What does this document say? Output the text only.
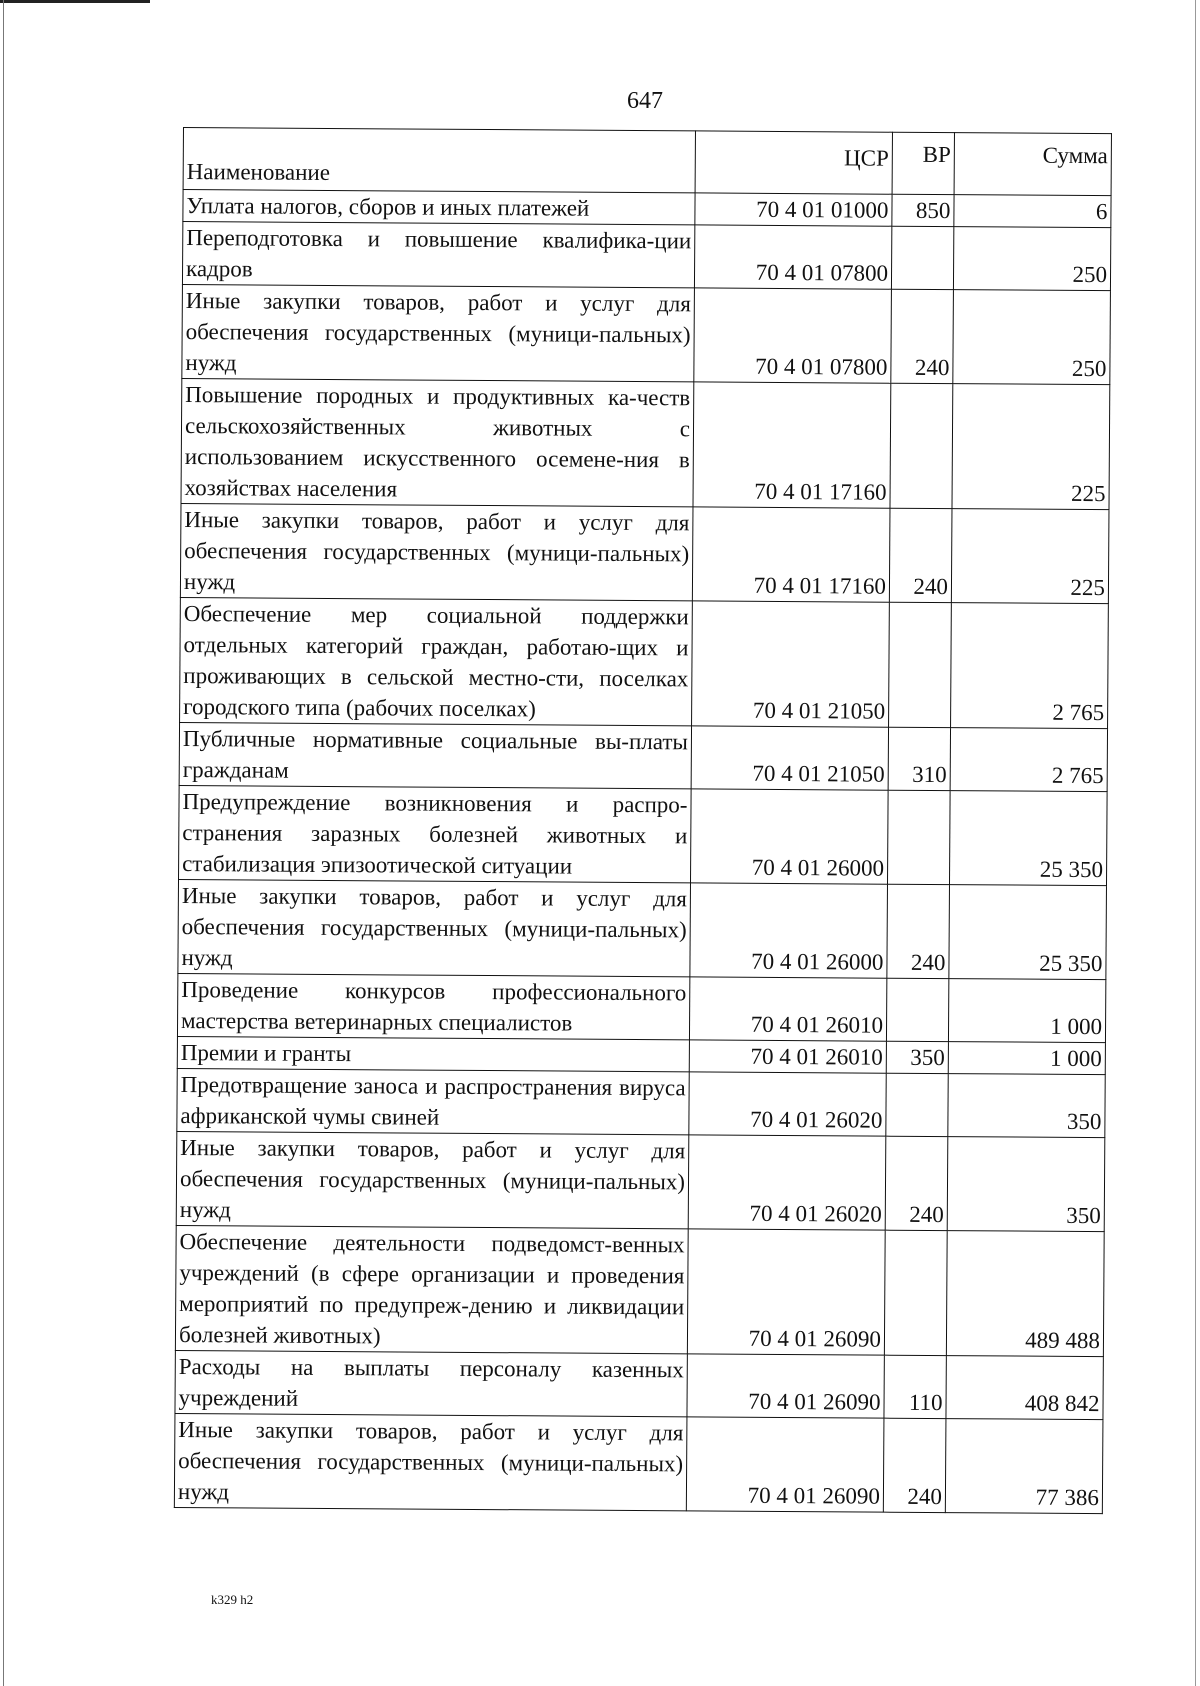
647
Наименование	ЦСР	ВР	Сумма
Уплата налогов, сборов и иных платежей	70 4 01 01000	850	6
Переподготовка и повышение квалифика-ции кадров	70 4 01 07800		250
Иные закупки товаров, работ и услуг для обеспечения государственных (муници-пальных) нужд	70 4 01 07800	240	250
Повышение породных и продуктивных ка-честв сельскохозяйственных животных с использованием искусственного осемене-ния в хозяйствах населения	70 4 01 17160		225
Иные закупки товаров, работ и услуг для обеспечения государственных (муници-пальных) нужд	70 4 01 17160	240	225
Обеспечение мер социальной поддержки отдельных категорий граждан, работаю-щих и проживающих в сельской местно-сти, поселках городского типа (рабочих поселках)	70 4 01 21050		2 765
Публичные нормативные социальные вы-платы гражданам	70 4 01 21050	310	2 765
Предупреждение возникновения и распро-странения заразных болезней животных и стабилизация эпизоотической ситуации	70 4 01 26000		25 350
Иные закупки товаров, работ и услуг для обеспечения государственных (муници-пальных) нужд	70 4 01 26000	240	25 350
Проведение конкурсов профессионального мастерства ветеринарных специалистов	70 4 01 26010		1 000
Премии и гранты	70 4 01 26010	350	1 000
Предотвращение заноса и распространения вируса африканской чумы свиней	70 4 01 26020		350
Иные закупки товаров, работ и услуг для обеспечения государственных (муници-пальных) нужд	70 4 01 26020	240	350
Обеспечение деятельности подведомст-венных учреждений (в сфере организации и проведения мероприятий по предупреж-дению и ликвидации болезней животных)	70 4 01 26090		489 488
Расходы на выплаты персоналу казенных учреждений	70 4 01 26090	110	408 842
Иные закупки товаров, работ и услуг для обеспечения государственных (муници-пальных) нужд	70 4 01 26090	240	77 386
k329 h2
